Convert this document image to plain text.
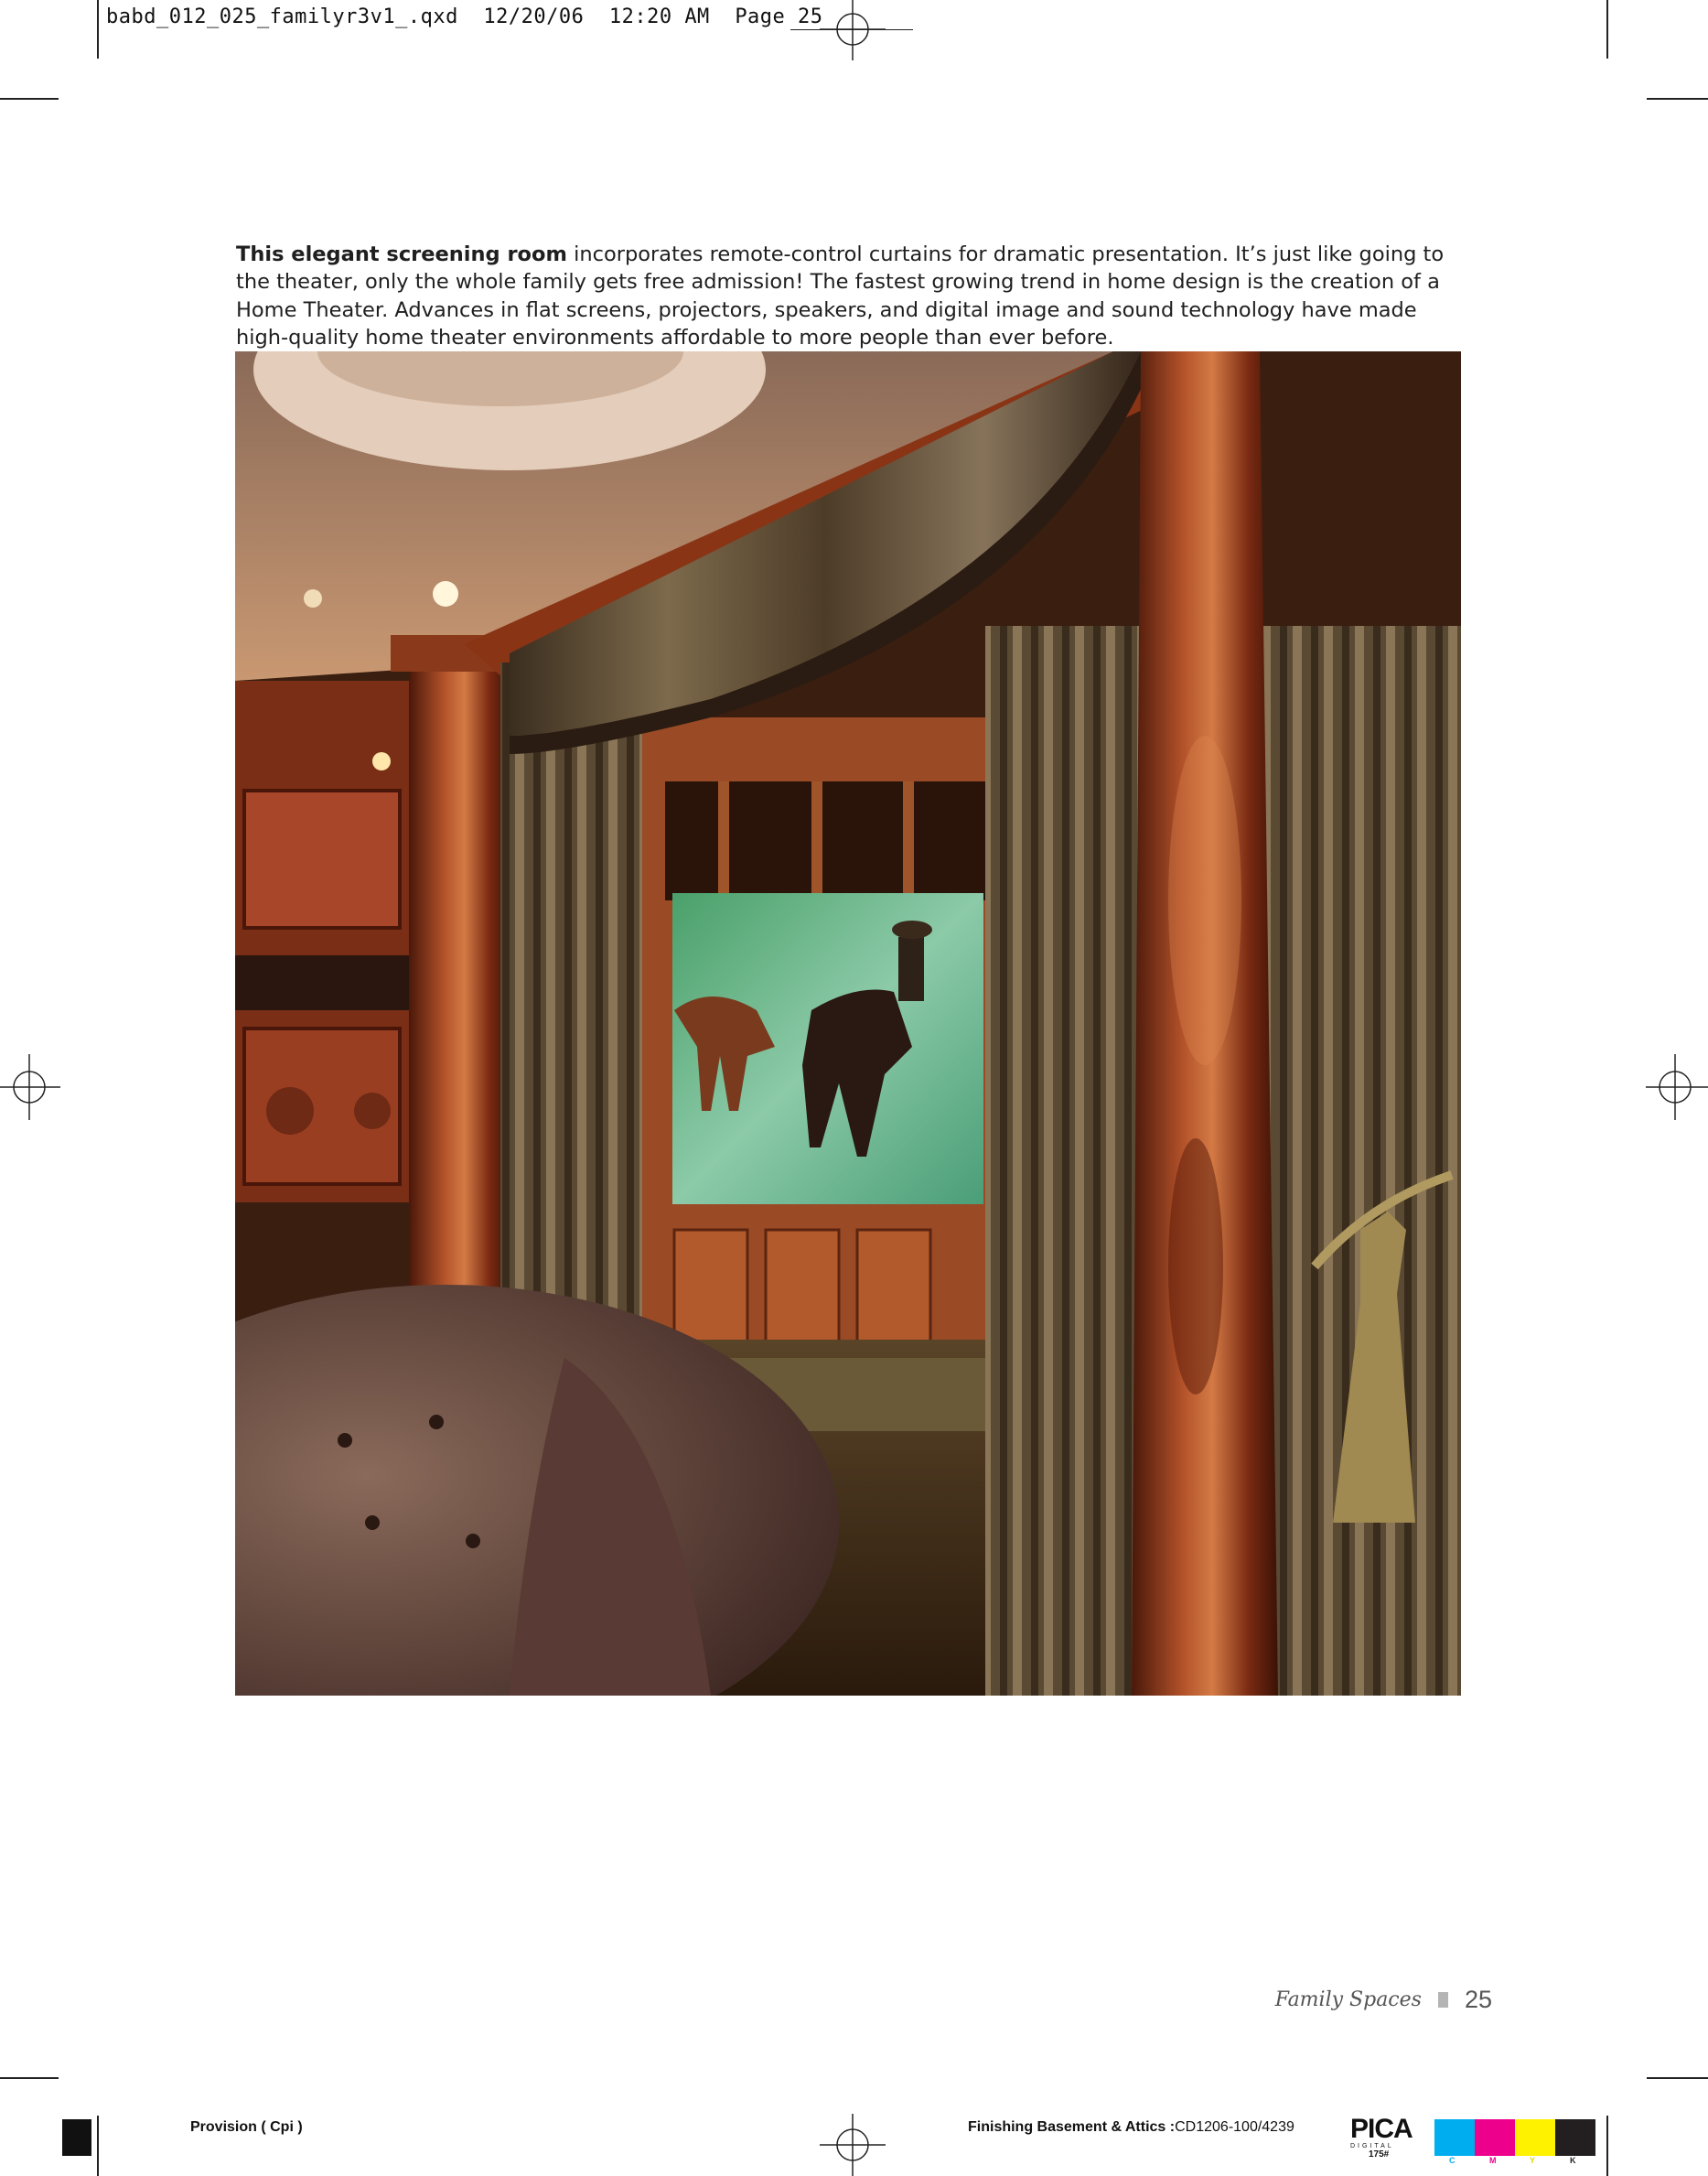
babd_012_025_familyr3v1_.qxd 12/20/06 12:20 AM Page 25

This elegant screening room incorporates remote-control curtains for dramatic presentation. It’s just like going to the theater, only the whole family gets free admission! The fastest growing trend in home design is the creation of a Home Theater. Advances in flat screens, projectors, speakers, and digital image and sound technology have made high-quality home theater environments affordable to more people than ever before.

Family Spaces 25
Provision ( Cpi )	Finishing Basement & Attics :CD1206-100/4239 PICA
DIGITAL
175#
C	M	Y	K
